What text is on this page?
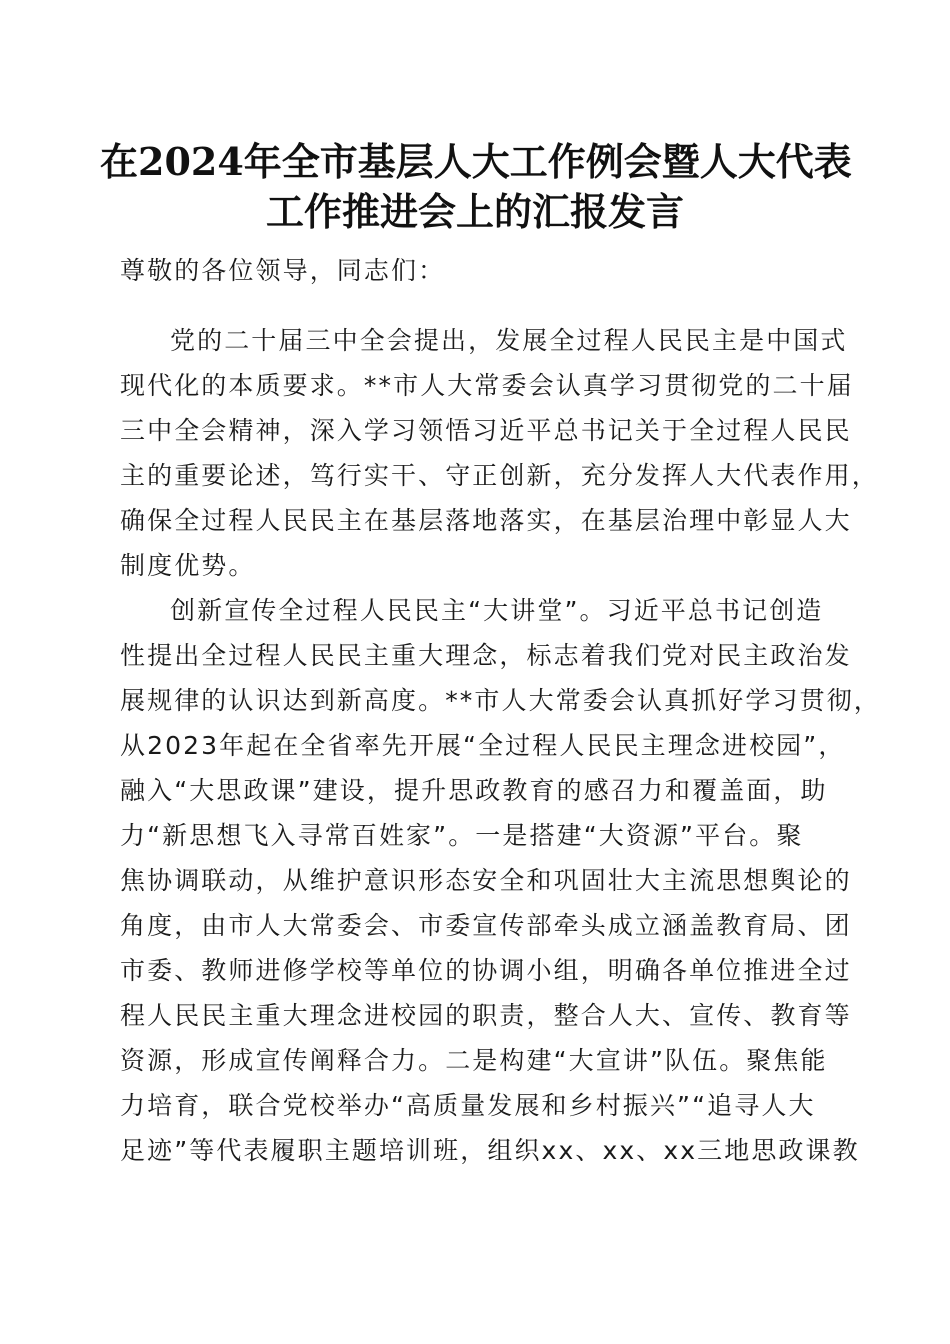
在2024年全市基层人大工作例会暨人大代表
工作推进会上的汇报发言

尊敬的各位领导，同志们：

党的二十届三中全会提出，发展全过程人民民主是中国式

现代化的本质要求。**市人大常委会认真学习贯彻党的二十届

三中全会精神，深入学习领悟习近平总书记关于全过程人民民

主的重要论述，笃行实干、守正创新，充分发挥人大代表作用，

确保全过程人民民主在基层落地落实，在基层治理中彰显人大

制度优势。

创新宣传全过程人民民主“大讲堂”。习近平总书记创造

性提出全过程人民民主重大理念，标志着我们党对民主政治发

展规律的认识达到新高度。**市人大常委会认真抓好学习贯彻，

从2023年起在全省率先开展“全过程人民民主理念进校园”，

融入“大思政课”建设，提升思政教育的感召力和覆盖面，助

力“新思想飞入寻常百姓家”。一是搭建“大资源”平台。聚

焦协调联动，从维护意识形态安全和巩固壮大主流思想舆论的

角度，由市人大常委会、市委宣传部牵头成立涵盖教育局、团

市委、教师进修学校等单位的协调小组，明确各单位推进全过

程人民民主重大理念进校园的职责，整合人大、宣传、教育等

资源，形成宣传阐释合力。二是构建“大宣讲”队伍。聚焦能

力培育，联合党校举办“高质量发展和乡村振兴”“追寻人大

足迹”等代表履职主题培训班，组织xx、xx、xx三地思政课教
